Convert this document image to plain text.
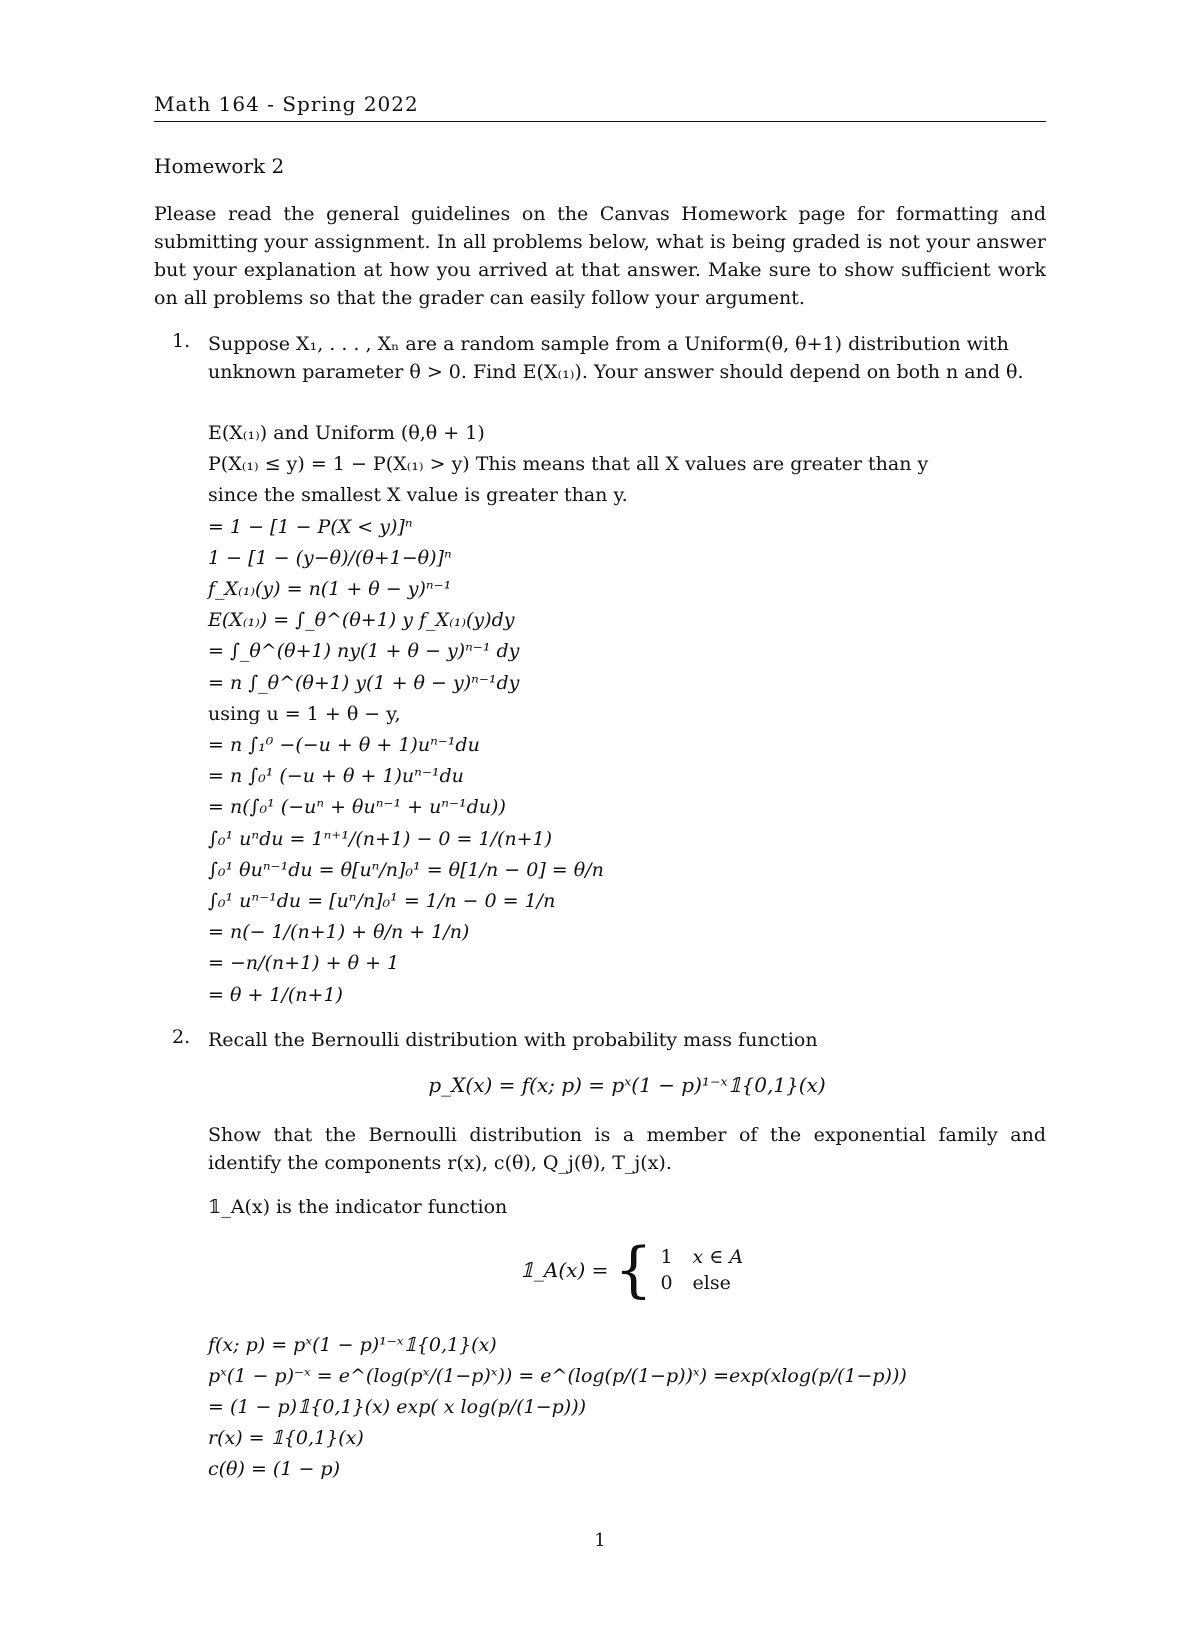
Math 164 - Spring 2022
Homework 2
Please read the general guidelines on the Canvas Homework page for formatting and submitting your assignment. In all problems below, what is being graded is not your answer but your explanation at how you arrived at that answer. Make sure to show sufficient work on all problems so that the grader can easily follow your argument.
1. Suppose X₁, . . . , Xₙ are a random sample from a Uniform(θ, θ+1) distribution with unknown parameter θ > 0. Find E(X₍₁₎). Your answer should depend on both n and θ.
E(X₍₁₎) and Uniform (θ,θ + 1)
P(X₍₁₎ ≤ y) = 1 − P(X₍₁₎ > y) This means that all X values are greater than y
since the smallest X value is greater than y.
= 1 − [1 − P(X < y)]ⁿ
1 − [1 − (y−θ)/(θ+1−θ)]ⁿ
f_X₍₁₎(y) = n(1 + θ − y)ⁿ⁻¹
E(X₍₁₎) = ∫_θ^(θ+1) y f_X₍₁₎(y)dy
= ∫_θ^(θ+1) ny(1 + θ − y)ⁿ⁻¹ dy
= n ∫_θ^(θ+1) y(1 + θ − y)ⁿ⁻¹dy
using u = 1 + θ − y,
= n ∫₁⁰ −(−u + θ + 1)uⁿ⁻¹du
= n ∫₀¹ (−u + θ + 1)uⁿ⁻¹du
= n(∫₀¹ (−uⁿ + θuⁿ⁻¹ + uⁿ⁻¹du))
∫₀¹ uⁿdu = 1ⁿ⁺¹/(n+1) − 0 = 1/(n+1)
∫₀¹ θuⁿ⁻¹du = θ[uⁿ/n]₀¹ = θ[1/n − 0] = θ/n
∫₀¹ uⁿ⁻¹du = [uⁿ/n]₀¹ = 1/n − 0 = 1/n
= n(− 1/(n+1) + θ/n + 1/n)
= −n/(n+1) + θ + 1
= θ + 1/(n+1)
2. Recall the Bernoulli distribution with probability mass function
p_X(x) = f(x; p) = pˣ(1 − p)¹⁻ˣ𝟙{0,1}(x)
Show that the Bernoulli distribution is a member of the exponential family and identify the components r(x), c(θ), Q_j(θ), T_j(x).
𝟙_A(x) is the indicator function
𝟙_A(x) = { 1	x ∈ A
0	else
f(x; p) = pˣ(1 − p)¹⁻ˣ𝟙{0,1}(x)
pˣ(1 − p)⁻ˣ = e^(log(pˣ/(1−p)ˣ)) = e^(log(p/(1−p))ˣ) =exp(xlog(p/(1−p)))
= (1 − p)𝟙{0,1}(x) exp( x log(p/(1−p)))
r(x) = 𝟙{0,1}(x)
c(θ) = (1 − p)
1
